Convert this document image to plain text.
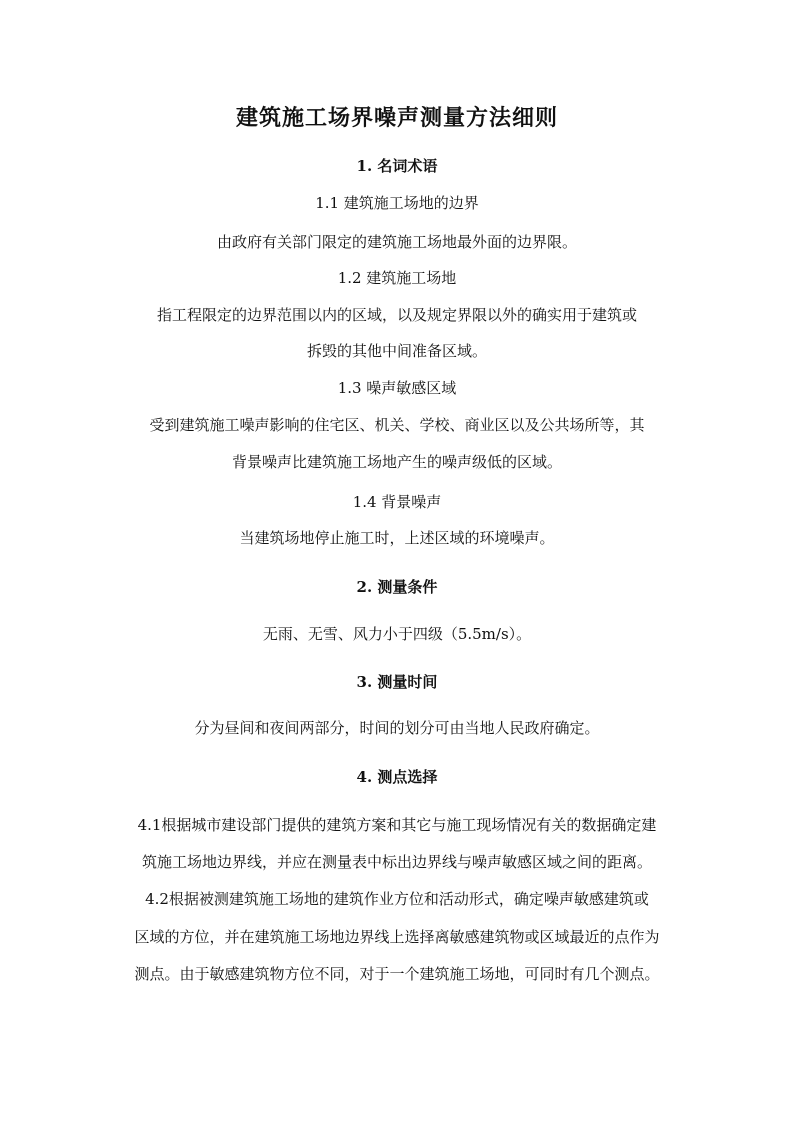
建筑施工场界噪声测量方法细则
1. 名词术语
1.1 建筑施工场地的边界
由政府有关部门限定的建筑施工场地最外面的边界限。
1.2 建筑施工场地
指工程限定的边界范围以内的区域，以及规定界限以外的确实用于建筑或
拆毁的其他中间准备区域。
1.3 噪声敏感区域
受到建筑施工噪声影响的住宅区、机关、学校、商业区以及公共场所等，其
背景噪声比建筑施工场地产生的噪声级低的区域。
1.4 背景噪声
当建筑场地停止施工时，上述区域的环境噪声。
2. 测量条件
无雨、无雪、风力小于四级（5.5m/s）。
3. 测量时间
分为昼间和夜间两部分，时间的划分可由当地人民政府确定。
4. 测点选择
4.1根据城市建设部门提供的建筑方案和其它与施工现场情况有关的数据确定建
筑施工场地边界线，并应在测量表中标出边界线与噪声敏感区域之间的距离。
4.2根据被测建筑施工场地的建筑作业方位和活动形式，确定噪声敏感建筑或
区域的方位，并在建筑施工场地边界线上选择离敏感建筑物或区域最近的点作为
测点。由于敏感建筑物方位不同，对于一个建筑施工场地，可同时有几个测点。
